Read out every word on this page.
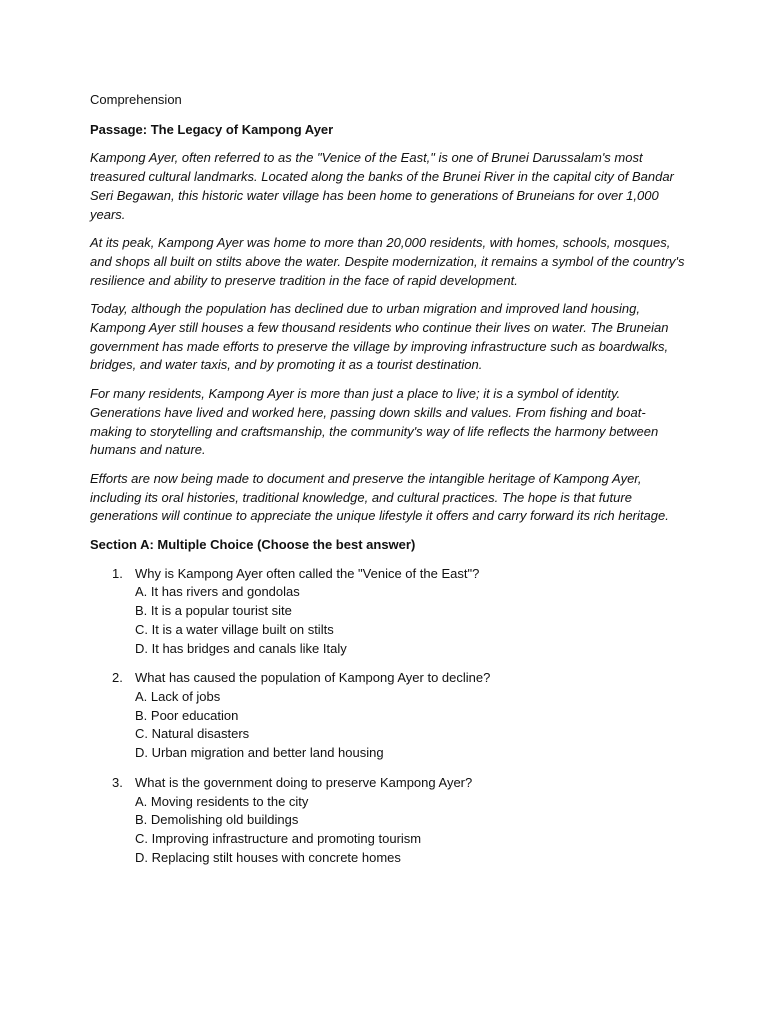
Comprehension

Passage: The Legacy of Kampong Ayer

Kampong Ayer, often referred to as the "Venice of the East," is one of Brunei Darussalam's most treasured cultural landmarks. Located along the banks of the Brunei River in the capital city of Bandar Seri Begawan, this historic water village has been home to generations of Bruneians for over 1,000 years.

At its peak, Kampong Ayer was home to more than 20,000 residents, with homes, schools, mosques, and shops all built on stilts above the water. Despite modernization, it remains a symbol of the country's resilience and ability to preserve tradition in the face of rapid development.

Today, although the population has declined due to urban migration and improved land housing, Kampong Ayer still houses a few thousand residents who continue their lives on water. The Bruneian government has made efforts to preserve the village by improving infrastructure such as boardwalks, bridges, and water taxis, and by promoting it as a tourist destination.

For many residents, Kampong Ayer is more than just a place to live; it is a symbol of identity. Generations have lived and worked here, passing down skills and values. From fishing and boat-making to storytelling and craftsmanship, the community's way of life reflects the harmony between humans and nature.

Efforts are now being made to document and preserve the intangible heritage of Kampong Ayer, including its oral histories, traditional knowledge, and cultural practices. The hope is that future generations will continue to appreciate the unique lifestyle it offers and carry forward its rich heritage.

Section A: Multiple Choice (Choose the best answer)

1. Why is Kampong Ayer often called the "Venice of the East"?
A. It has rivers and gondolas
B. It is a popular tourist site
C. It is a water village built on stilts
D. It has bridges and canals like Italy
2. What has caused the population of Kampong Ayer to decline?
A. Lack of jobs
B. Poor education
C. Natural disasters
D. Urban migration and better land housing
3. What is the government doing to preserve Kampong Ayer?
A. Moving residents to the city
B. Demolishing old buildings
C. Improving infrastructure and promoting tourism
D. Replacing stilt houses with concrete homes
